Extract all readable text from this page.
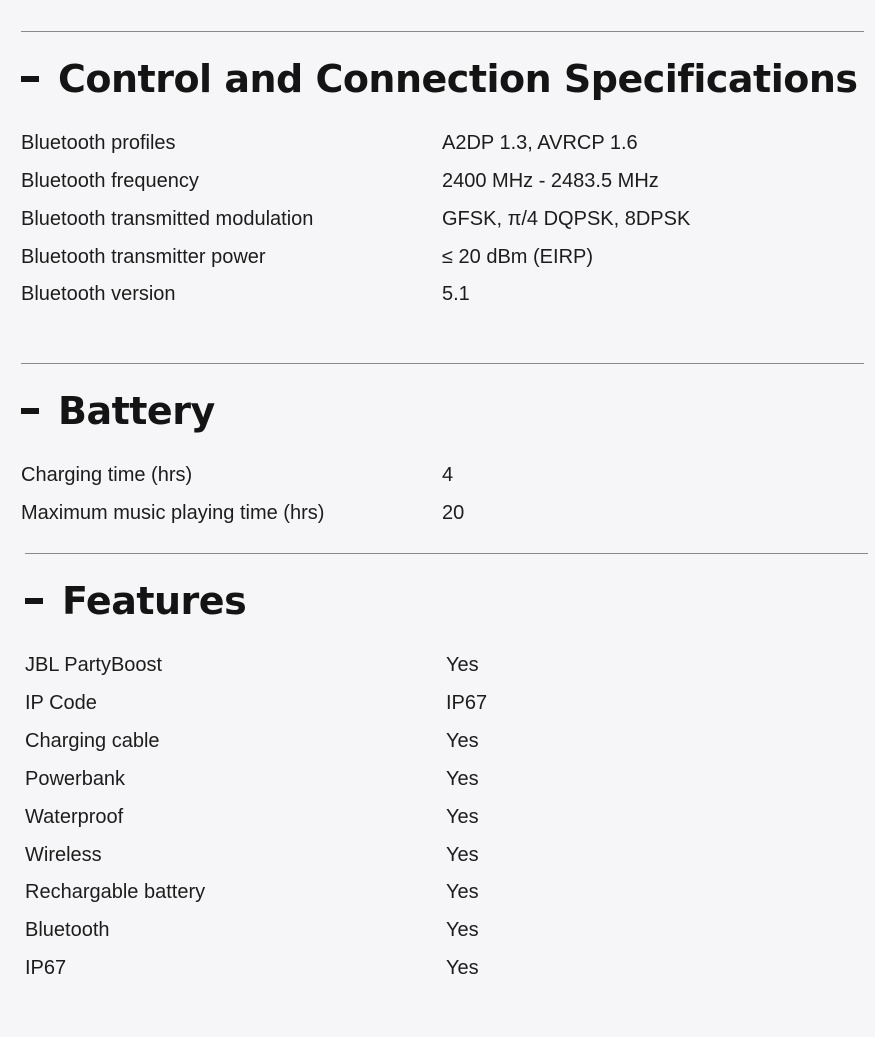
Control and Connection Specifications
Bluetooth profiles	A2DP 1.3, AVRCP 1.6
Bluetooth frequency	2400 MHz - 2483.5 MHz
Bluetooth transmitted modulation	GFSK, π/4 DQPSK, 8DPSK
Bluetooth transmitter power	≤ 20 dBm (EIRP)
Bluetooth version	5.1
Battery
Charging time (hrs)	4
Maximum music playing time (hrs)	20
Features
JBL PartyBoost	Yes
IP Code	IP67
Charging cable	Yes
Powerbank	Yes
Waterproof	Yes
Wireless	Yes
Rechargable battery	Yes
Bluetooth	Yes
IP67	Yes
